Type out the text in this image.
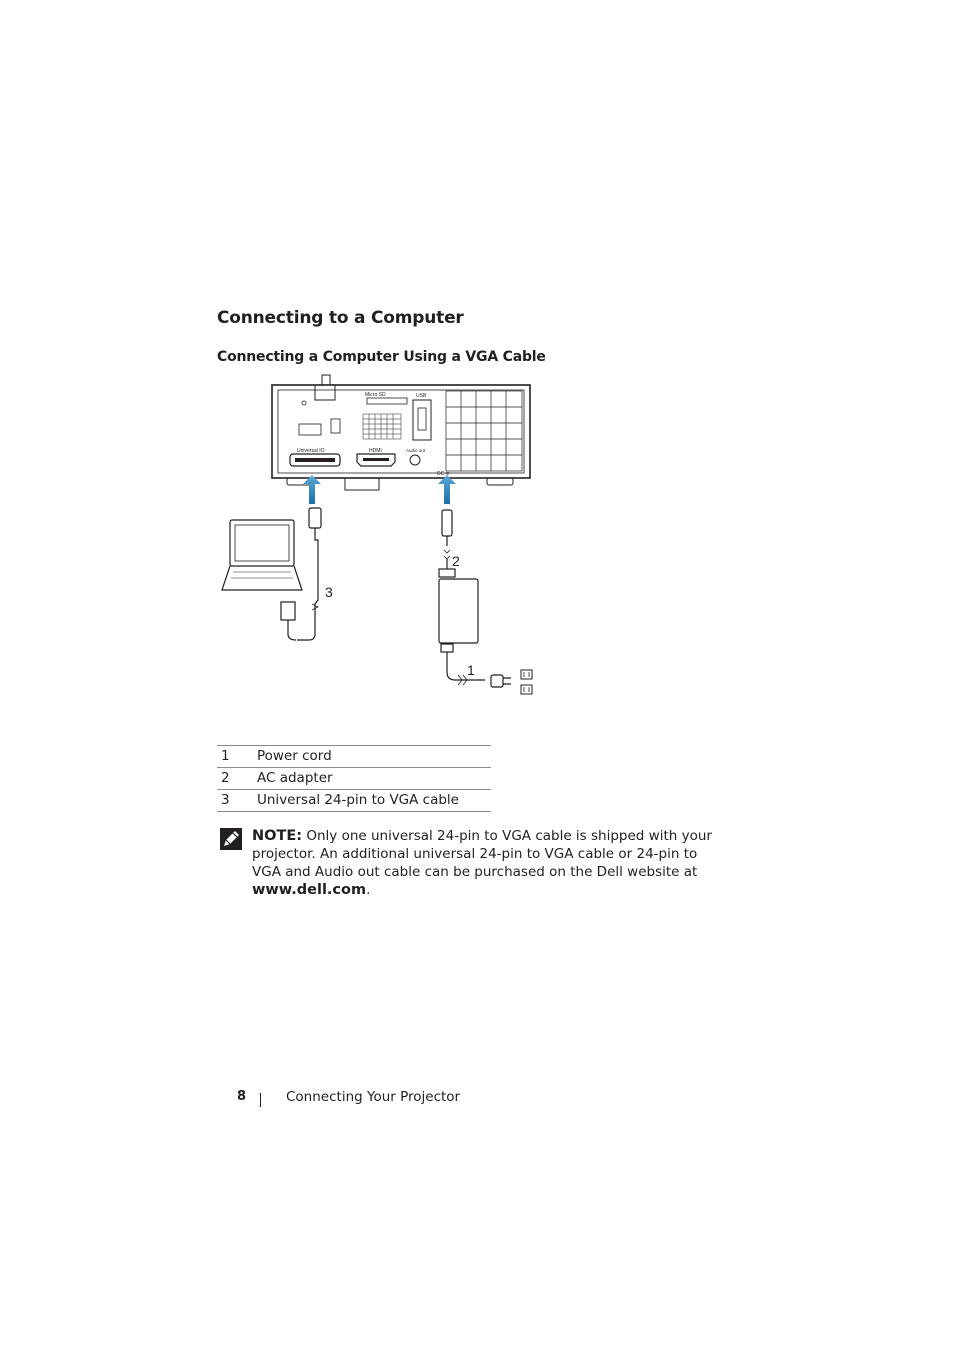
Connecting to a Computer
Connecting a Computer Using a VGA Cable
Micro SD	USB
Universal IO	HDMI	Audio out
DC in
1
2
3
1	Power cord
2	AC adapter
3	Universal 24-pin to VGA cable
NOTE: Only one universal 24-pin to VGA cable is shipped with your projector. An additional universal 24-pin to VGA cable or 24-pin to VGA and Audio out cable can be purchased on the Dell website at www.dell.com.
8	Connecting Your Projector
